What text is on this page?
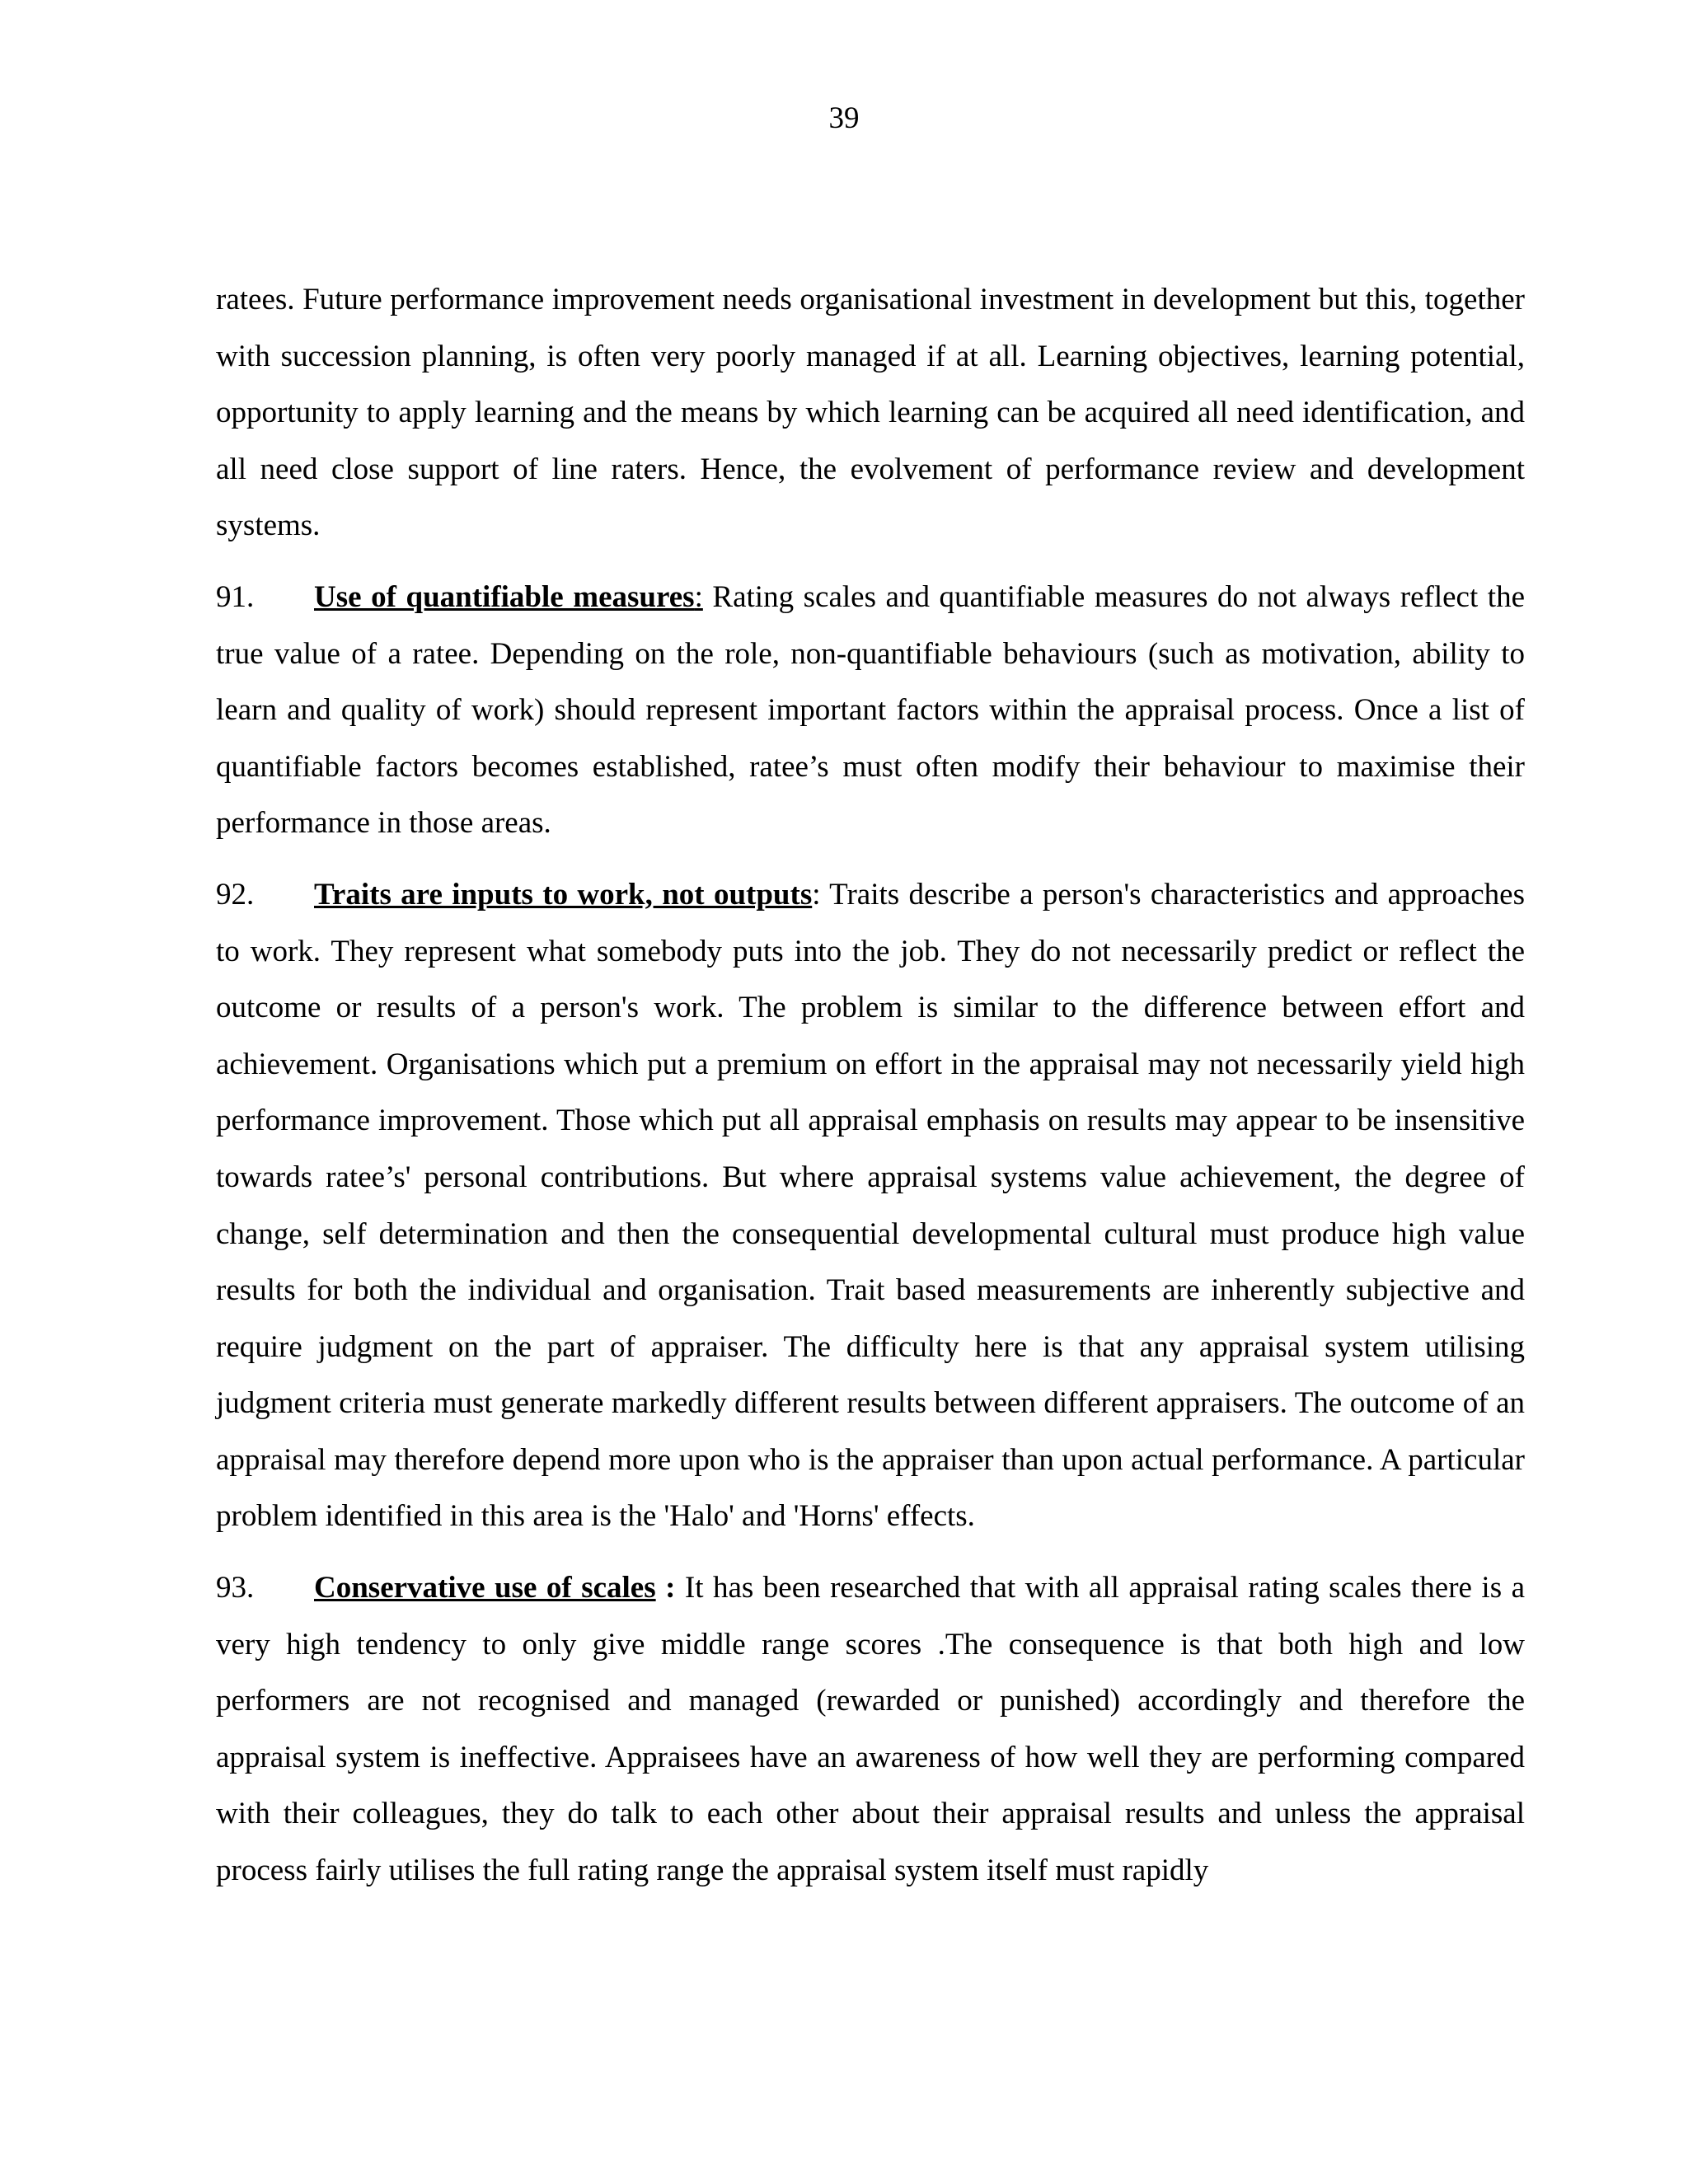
39

ratees. Future performance improvement needs organisational investment in development but this, together with succession planning, is often very poorly managed if at all. Learning objectives, learning potential, opportunity to apply learning and the means by which learning can be acquired all need identification, and all need close support of line raters. Hence, the evolvement of performance review and development systems.

91. Use of quantifiable measures: Rating scales and quantifiable measures do not always reflect the true value of a ratee. Depending on the role, non-quantifiable behaviours (such as motivation, ability to learn and quality of work) should represent important factors within the appraisal process. Once a list of quantifiable factors becomes established, ratee’s must often modify their behaviour to maximise their performance in those areas.

92. Traits are inputs to work, not outputs: Traits describe a person's characteristics and approaches to work. They represent what somebody puts into the job. They do not necessarily predict or reflect the outcome or results of a person's work. The problem is similar to the difference between effort and achievement. Organisations which put a premium on effort in the appraisal may not necessarily yield high performance improvement. Those which put all appraisal emphasis on results may appear to be insensitive towards ratee’s' personal contributions. But where appraisal systems value achievement, the degree of change, self determination and then the consequential developmental cultural must produce high value results for both the individual and organisation. Trait based measurements are inherently subjective and require judgment on the part of appraiser. The difficulty here is that any appraisal system utilising judgment criteria must generate markedly different results between different appraisers. The outcome of an appraisal may therefore depend more upon who is the appraiser than upon actual performance. A particular problem identified in this area is the 'Halo' and 'Horns' effects.

93. Conservative use of scales : It has been researched that with all appraisal rating scales there is a very high tendency to only give middle range scores .The consequence is that both high and low performers are not recognised and managed (rewarded or punished) accordingly and therefore the appraisal system is ineffective. Appraisees have an awareness of how well they are performing compared with their colleagues, they do talk to each other about their appraisal results and unless the appraisal process fairly utilises the full rating range the appraisal system itself must rapidly
